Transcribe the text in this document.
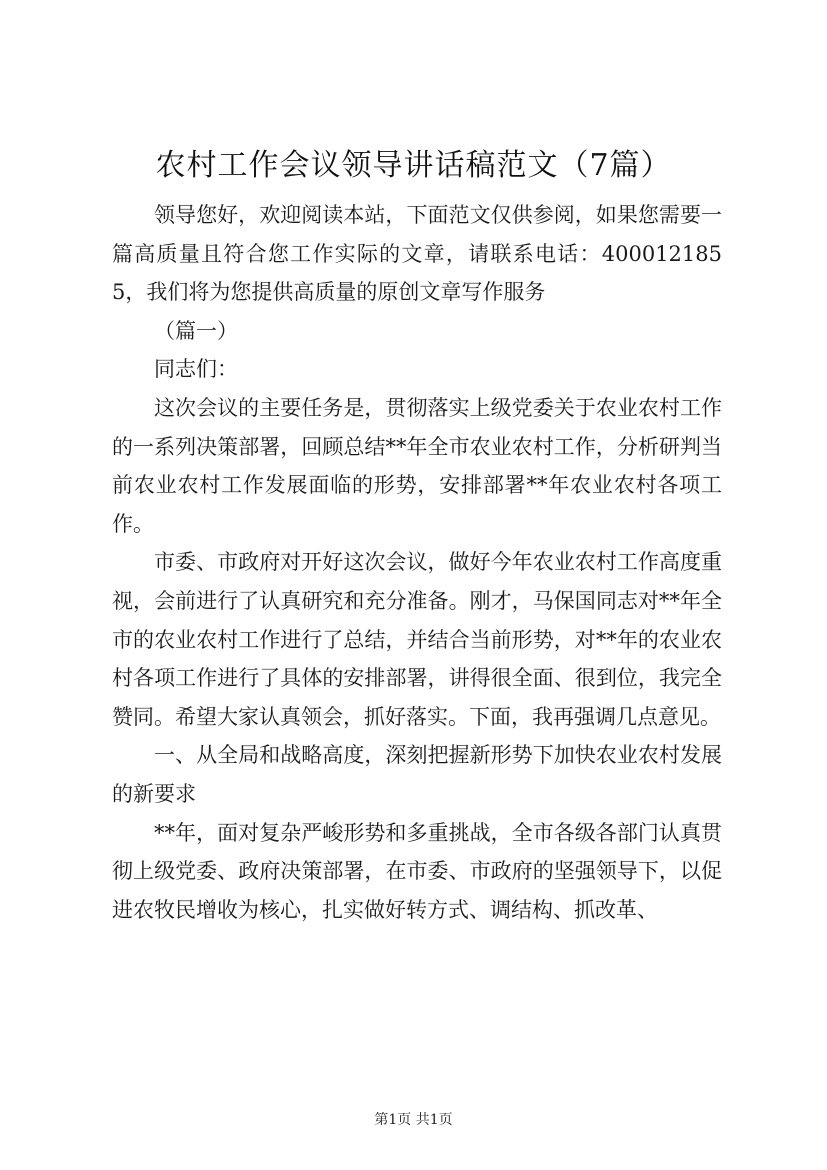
农村工作会议领导讲话稿范文（7篇）

领导您好，欢迎阅读本站，下面范文仅供参阅，如果您需要一篇高质量且符合您工作实际的文章，请联系电话：4000121855，我们将为您提供高质量的原创文章写作服务

（篇一）

同志们：

这次会议的主要任务是，贯彻落实上级党委关于农业农村工作的一系列决策部署，回顾总结**年全市农业农村工作，分析研判当前农业农村工作发展面临的形势，安排部署**年农业农村各项工作。

市委、市政府对开好这次会议，做好今年农业农村工作高度重视，会前进行了认真研究和充分准备。刚才，马保国同志对**年全市的农业农村工作进行了总结，并结合当前形势，对**年的农业农村各项工作进行了具体的安排部署，讲得很全面、很到位，我完全赞同。希望大家认真领会，抓好落实。下面，我再强调几点意见。

一、从全局和战略高度，深刻把握新形势下加快农业农村发展的新要求

**年，面对复杂严峻形势和多重挑战，全市各级各部门认真贯彻上级党委、政府决策部署，在市委、市政府的坚强领导下，以促进农牧民增收为核心，扎实做好转方式、调结构、抓改革、

第1页 共1页
